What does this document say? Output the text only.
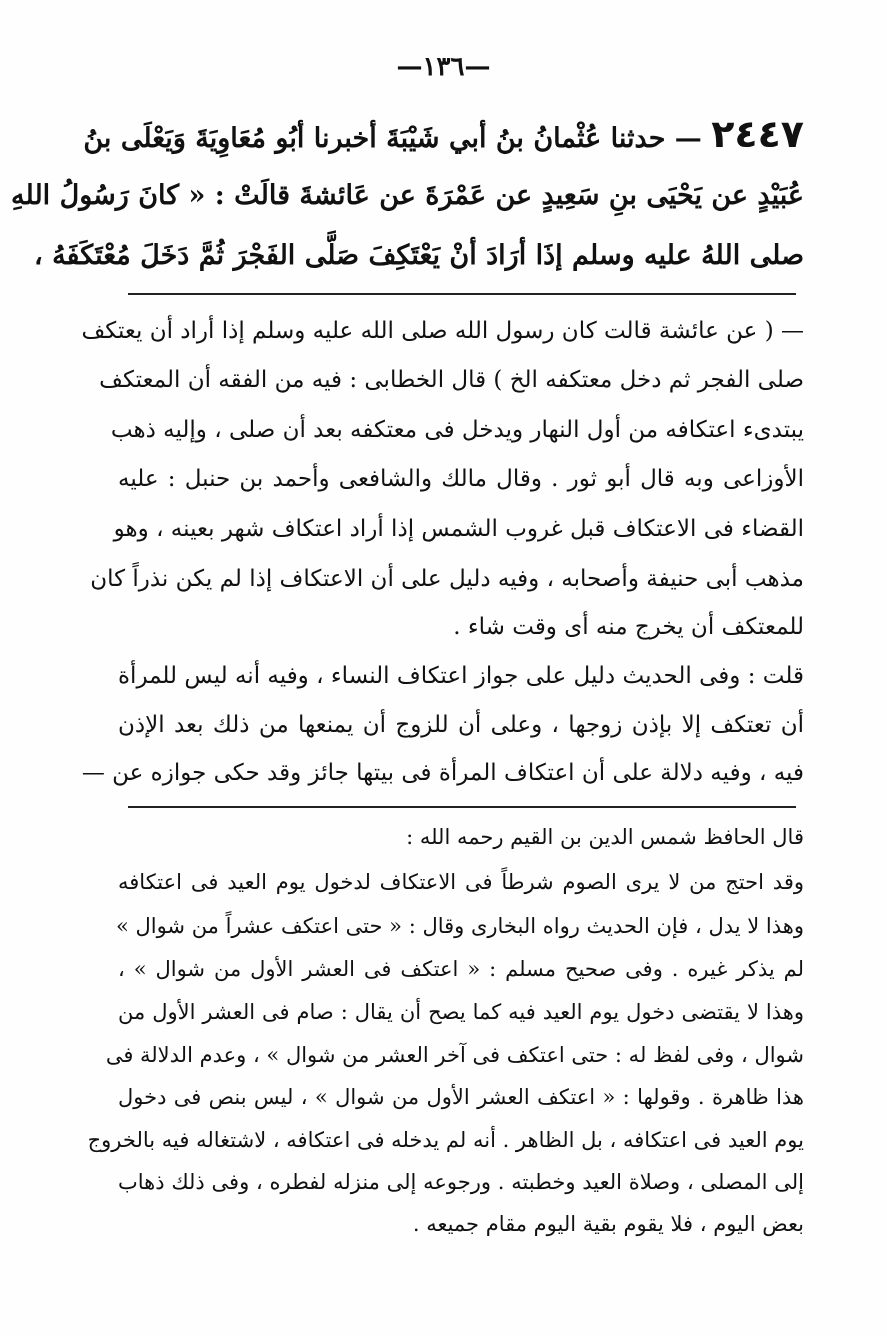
—١٣٦—
٢٤٤٧ — حدثنا عُثْمانُ بنُ أبي شَيْبَةَ أخبرنا أبُو مُعَاوِيَةَ وَيَعْلَى بنُ
عُبَيْدٍ عن يَحْيَى بنِ سَعِيدٍ عن عَمْرَةَ عن عَائشةَ قالَتْ : « كانَ رَسُولُ اللهِ
صلى اللهُ عليه وسلم إذَا أرَادَ أنْ يَعْتَكِفَ صَلَّى الفَجْرَ ثُمَّ دَخَلَ مُعْتَكَفَهُ ،
— ( عن عائشة قالت كان رسول الله صلى الله عليه وسلم إذا أراد أن يعتكف
صلى الفجر ثم دخل معتكفه الخ ) قال الخطابى : فيه من الفقه أن المعتكف
يبتدىء اعتكافه من أول النهار ويدخل فى معتكفه بعد أن صلى ، وإليه ذهب
الأوزاعى وبه قال أبو ثور . وقال مالك والشافعى وأحمد بن حنبل : عليه
القضاء فى الاعتكاف قبل غروب الشمس إذا أراد اعتكاف شهر بعينه ، وهو
مذهب أبى حنيفة وأصحابه ، وفيه دليل على أن الاعتكاف إذا لم يكن نذراً كان
للمعتكف أن يخرج منه أى وقت شاء .
قلت : وفى الحديث دليل على جواز اعتكاف النساء ، وفيه أنه ليس للمرأة
أن تعتكف إلا بإذن زوجها ، وعلى أن للزوج أن يمنعها من ذلك بعد الإذن
فيه ، وفيه دلالة على أن اعتكاف المرأة فى بيتها جائز وقد حكى جوازه عن —
قال الحافظ شمس الدين بن القيم رحمه الله :
وقد احتج من لا يرى الصوم شرطاً فى الاعتكاف لدخول يوم العيد فى اعتكافه
وهذا لا يدل ، فإن الحديث رواه البخارى وقال : « حتى اعتكف عشراً من شوال »
لم يذكر غيره . وفى صحيح مسلم : « اعتكف فى العشر الأول من شوال » ،
وهذا لا يقتضى دخول يوم العيد فيه كما يصح أن يقال : صام فى العشر الأول من
شوال ، وفى لفظ له : حتى اعتكف فى آخر العشر من شوال » ، وعدم الدلالة فى
هذا ظاهرة . وقولها : « اعتكف العشر الأول من شوال » ، ليس بنص فى دخول
يوم العيد فى اعتكافه ، بل الظاهر . أنه لم يدخله فى اعتكافه ، لاشتغاله فيه بالخروج
إلى المصلى ، وصلاة العيد وخطبته . ورجوعه إلى منزله لفطره ، وفى ذلك ذهاب
بعض اليوم ، فلا يقوم بقية اليوم مقام جميعه .
